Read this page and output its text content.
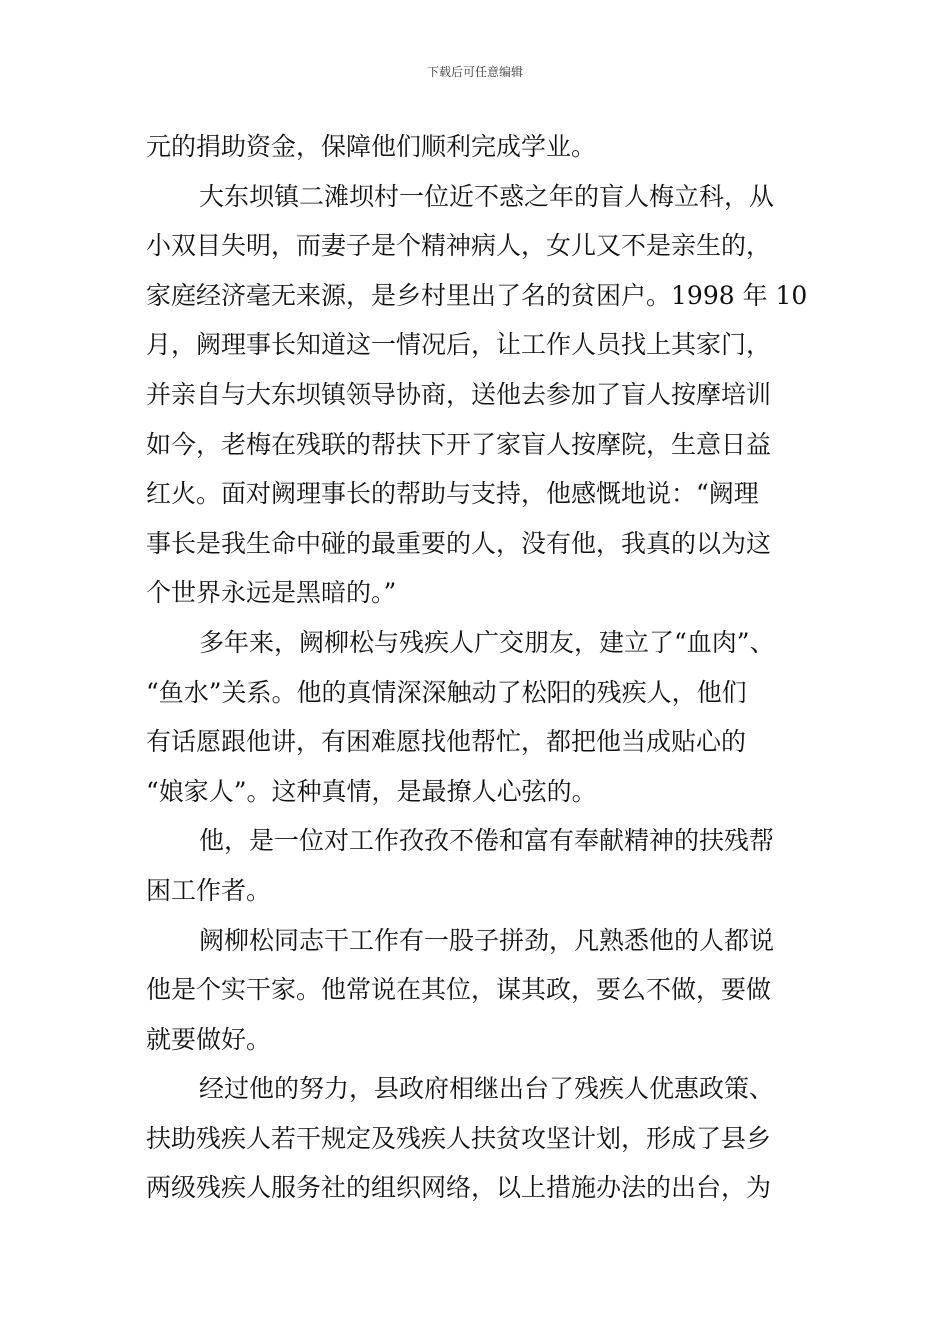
下载后可任意编辑
元的捐助资金，保障他们顺利完成学业。
大东坝镇二滩坝村一位近不惑之年的盲人梅立科，从
小双目失明，而妻子是个精神病人，女儿又不是亲生的，
家庭经济毫无来源，是乡村里出了名的贫困户。1998 年 10
月，阙理事长知道这一情况后，让工作人员找上其家门，
并亲自与大东坝镇领导协商，送他去参加了盲人按摩培训
如今，老梅在残联的帮扶下开了家盲人按摩院，生意日益
红火。面对阙理事长的帮助与支持，他感慨地说：“阙理
事长是我生命中碰的最重要的人，没有他，我真的以为这
个世界永远是黑暗的。”
多年来，阙柳松与残疾人广交朋友，建立了“血肉”、
“鱼水”关系。他的真情深深触动了松阳的残疾人，他们
有话愿跟他讲，有困难愿找他帮忙，都把他当成贴心的
“娘家人”。这种真情，是最撩人心弦的。
他，是一位对工作孜孜不倦和富有奉献精神的扶残帮
困工作者。
阙柳松同志干工作有一股子拼劲，凡熟悉他的人都说
他是个实干家。他常说在其位，谋其政，要么不做，要做
就要做好。
经过他的努力，县政府相继出台了残疾人优惠政策、
扶助残疾人若干规定及残疾人扶贫攻坚计划，形成了县乡
两级残疾人服务社的组织网络，以上措施办法的出台，为
